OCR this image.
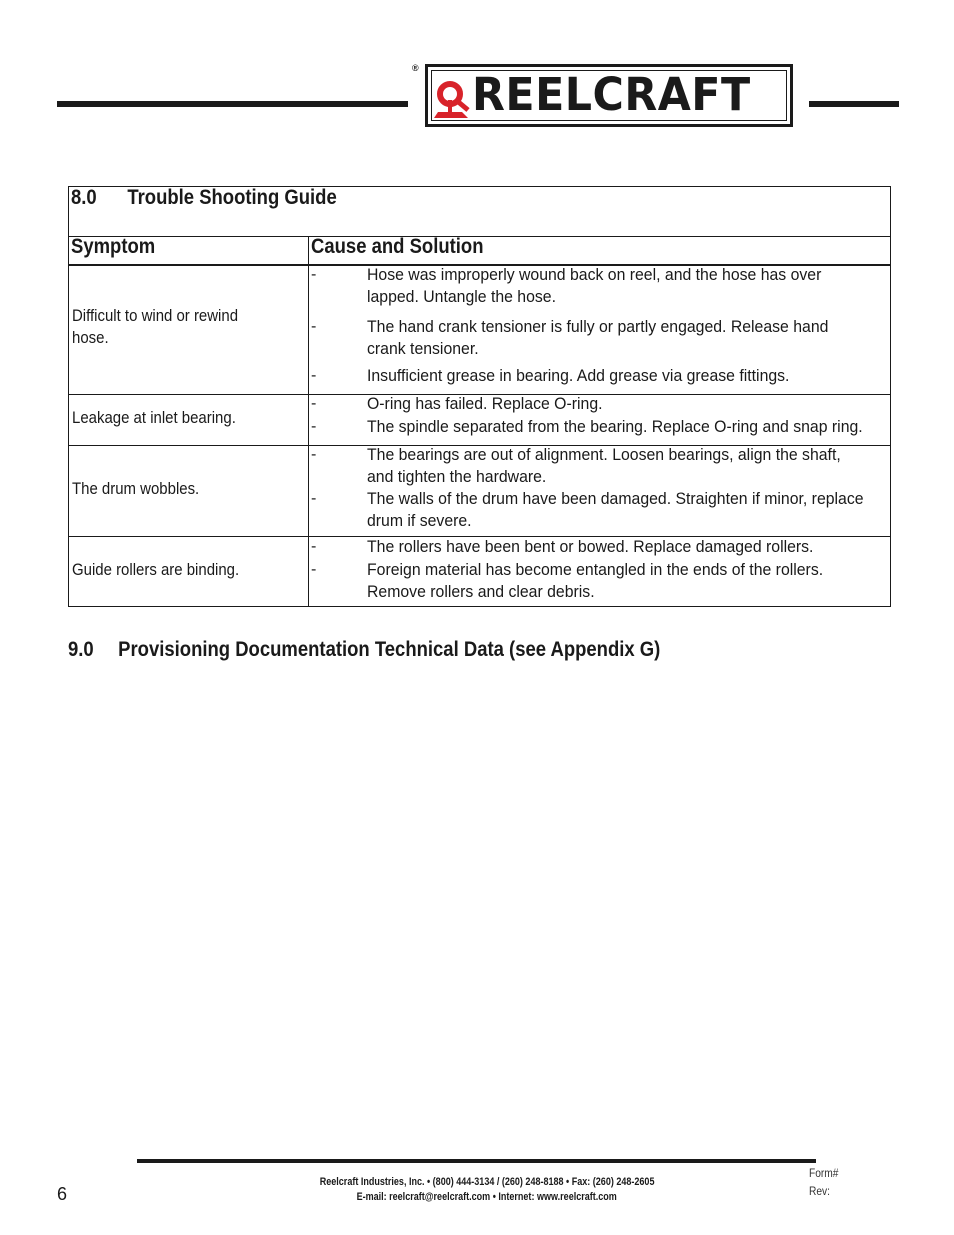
® REELCRAFT
8.0 Trouble Shooting Guide
Symptom	Cause and Solution
Difficult to wind or rewind
hose.
-	Hose was improperly wound back on reel, and the hose has over
lapped. Untangle the hose.
-	The hand crank tensioner is fully or partly engaged. Release hand
crank tensioner.
-	Insufficient grease in bearing. Add grease via grease fittings.
Leakage at inlet bearing.
-	O-ring has failed. Replace O-ring.
-	The spindle separated from the bearing. Replace O-ring and snap ring.
The drum wobbles.
-	The bearings are out of alignment. Loosen bearings, align the shaft,
and tighten the hardware.
-	The walls of the drum have been damaged. Straighten if minor, replace
drum if severe.
Guide rollers are binding.
-	The rollers have been bent or bowed. Replace damaged rollers.
-	Foreign material has become entangled in the ends of the rollers.
Remove rollers and clear debris.
9.0 Provisioning Documentation Technical Data (see Appendix G)
6
Reelcraft Industries, Inc. • (800) 444-3134 / (260) 248-8188 • Fax: (260) 248-2605
E-mail: reelcraft@reelcraft.com • Internet: www.reelcraft.com
Form#
Rev:
